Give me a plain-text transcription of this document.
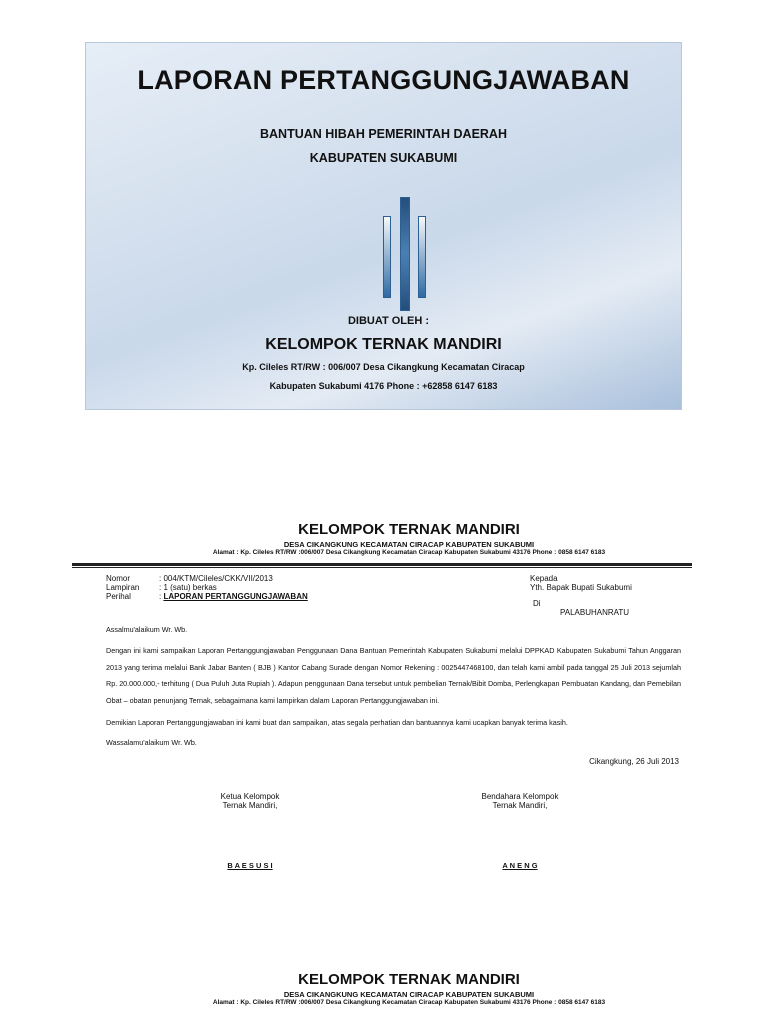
LAPORAN PERTANGGUNGJAWABAN
BANTUAN HIBAH PEMERINTAH DAERAH
KABUPATEN SUKABUMI
DIBUAT OLEH :
KELOMPOK TERNAK MANDIRI
Kp. Cileles RT/RW : 006/007 Desa Cikangkung Kecamatan Ciracap
Kabupaten Sukabumi 4176 Phone : +62858 6147 6183
KELOMPOK TERNAK MANDIRI
DESA CIKANGKUNG KECAMATAN CIRACAP KABUPATEN SUKABUMI
Alamat : Kp. Cileles RT/RW :006/007 Desa Cikangkung Kecamatan Ciracap Kabupaten Sukabumi 43176 Phone : 0858 6147 6183
Nomor	: 004/KTM/Cileles/CKK/VII/2013
Lampiran : 1 (satu) berkas
Perihal	: LAPORAN PERTANGGUNGJAWABAN
Kepada
Yth. Bapak Bupati Sukabumi
Di
PALABUHANRATU
Assalmu'alaikum Wr. Wb.
Dengan ini kami sampaikan Laporan Pertanggungjawaban Penggunaan Dana Bantuan Pemerintah Kabupaten Sukabumi melalui DPPKAD Kabupaten Sukabumi Tahun Anggaran 2013 yang terima melalui Bank Jabar Banten ( BJB ) Kantor Cabang Surade dengan Nomor Rekening : 0025447468100, dan telah kami ambil pada tanggal 25 Juli 2013 sejumlah Rp. 20.000.000,- terhitung ( Dua Puluh Juta Rupiah ). Adapun penggunaan Dana tersebut untuk pembelian Ternak/Bibit Domba, Perlengkapan Pembuatan Kandang, dan Pemebilan Obat – obatan penunjang Ternak, sebagaimana kami lampirkan dalam Laporan Pertanggungjawaban ini.
Demikian Laporan Pertanggungjawaban ini kami buat dan sampaikan, atas segala perhatian dan bantuannya kami ucapkan banyak terima kasih.
Wassalamu'alaikum Wr. Wb.
Cikangkung, 26 Juli 2013
Ketua Kelompok
Ternak Mandiri,
B A E S U S I
Bendahara Kelompok
Ternak Mandiri,
A N E N G
KELOMPOK TERNAK MANDIRI
DESA CIKANGKUNG KECAMATAN CIRACAP KABUPATEN SUKABUMI
Alamat : Kp. Cileles RT/RW :006/007 Desa Cikangkung Kecamatan Ciracap Kabupaten Sukabumi 43176 Phone : 0858 6147 6183
